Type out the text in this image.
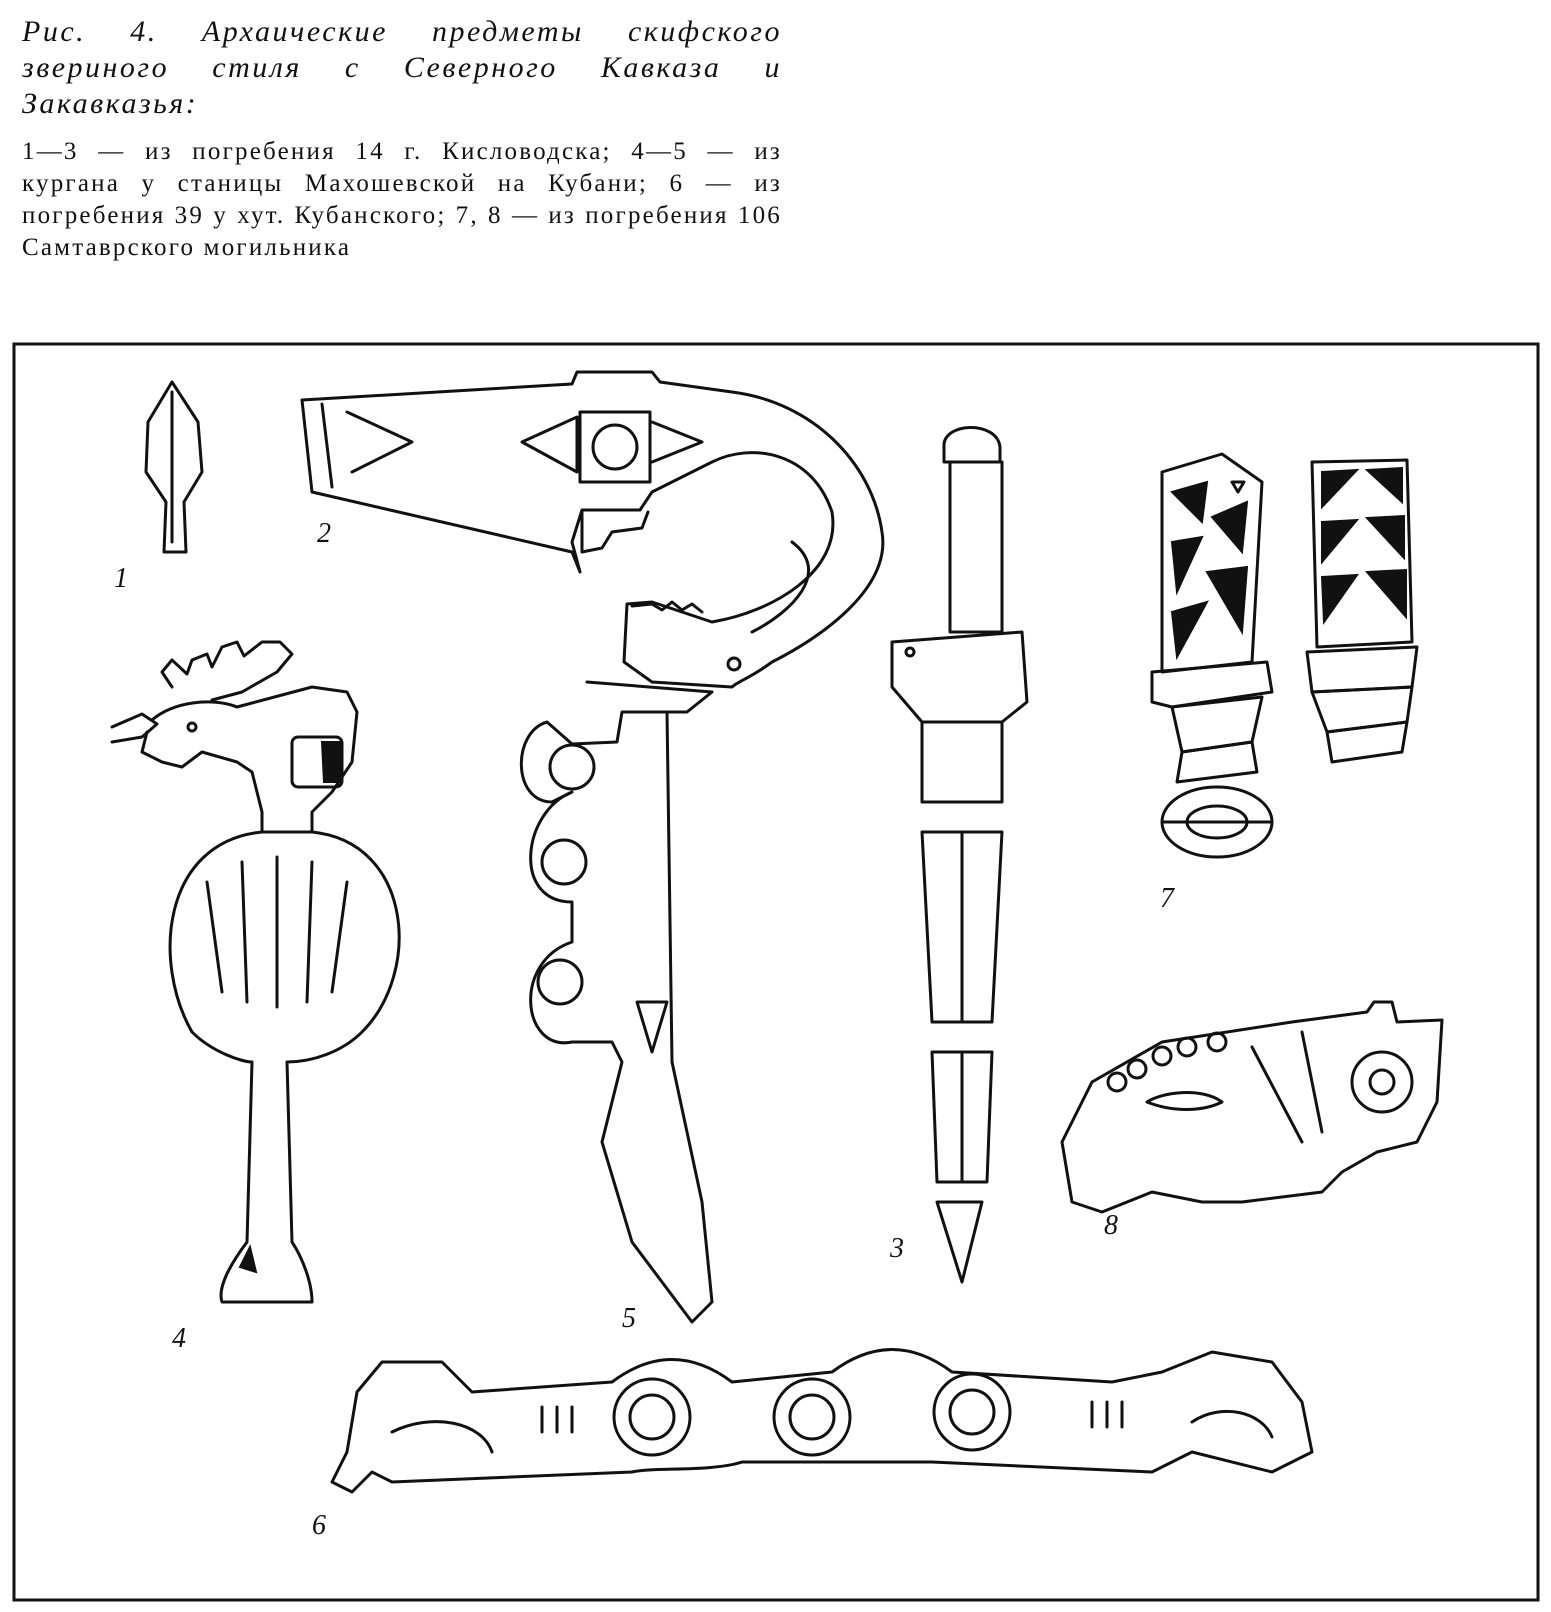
Рис. 4. Архаические предметы скифского звериного стиля с Северного Кавказа и Закавказья:

1—3 — из погребения 14 г. Кисловодска; 4—5 — из кургана у станицы Махошевской на Кубани; 6 — из погребения 39 у хут. Кубанского; 7, 8 — из погребения 106 Самтаврского могильника

1
2
3
4
5
6
7
8
